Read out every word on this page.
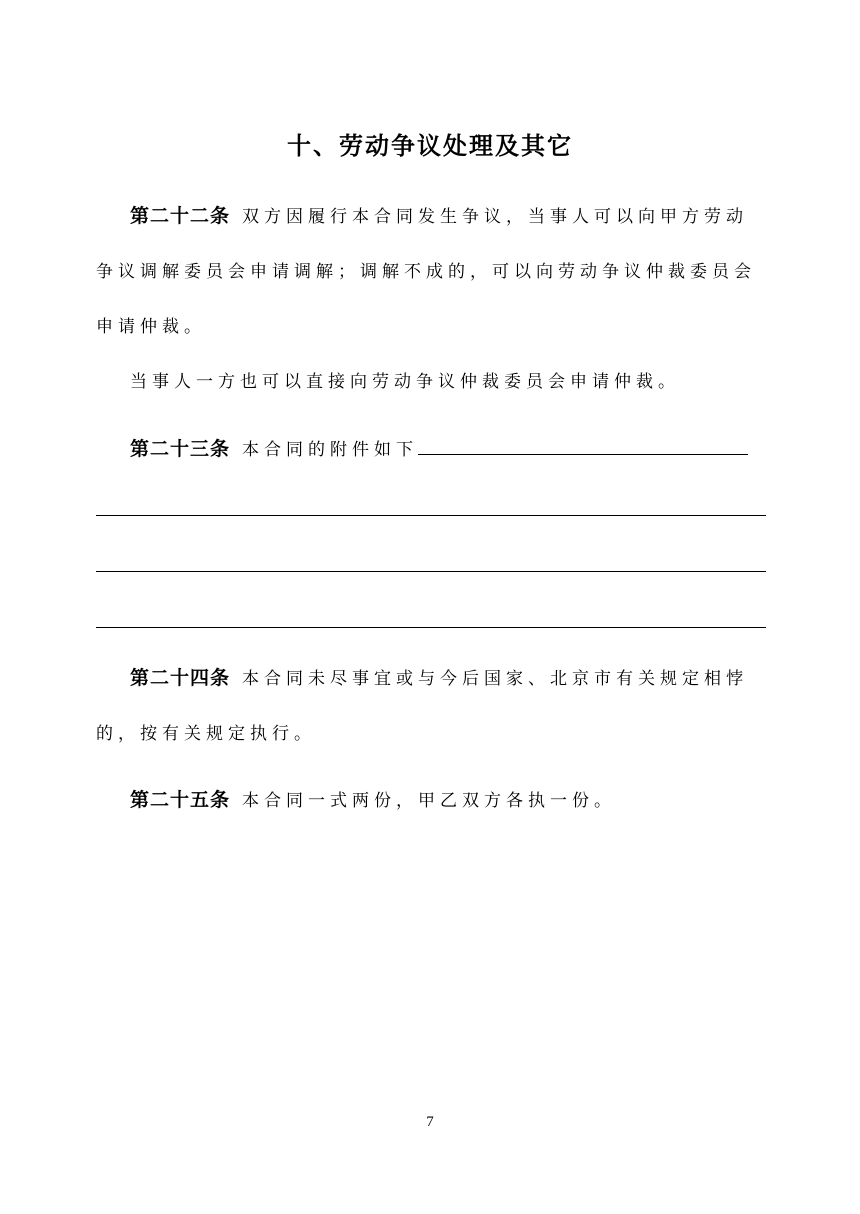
十、劳动争议处理及其它

第二十二条 双方因履行本合同发生争议，当事人可以向甲方劳动争议调解委员会申请调解；调解不成的，可以向劳动争议仲裁委员会申请仲裁。

当事人一方也可以直接向劳动争议仲裁委员会申请仲裁。

第二十三条 本合同的附件如下

第二十四条 本合同未尽事宜或与今后国家、北京市有关规定相悖的，按有关规定执行。

第二十五条 本合同一式两份，甲乙双方各执一份。

7
